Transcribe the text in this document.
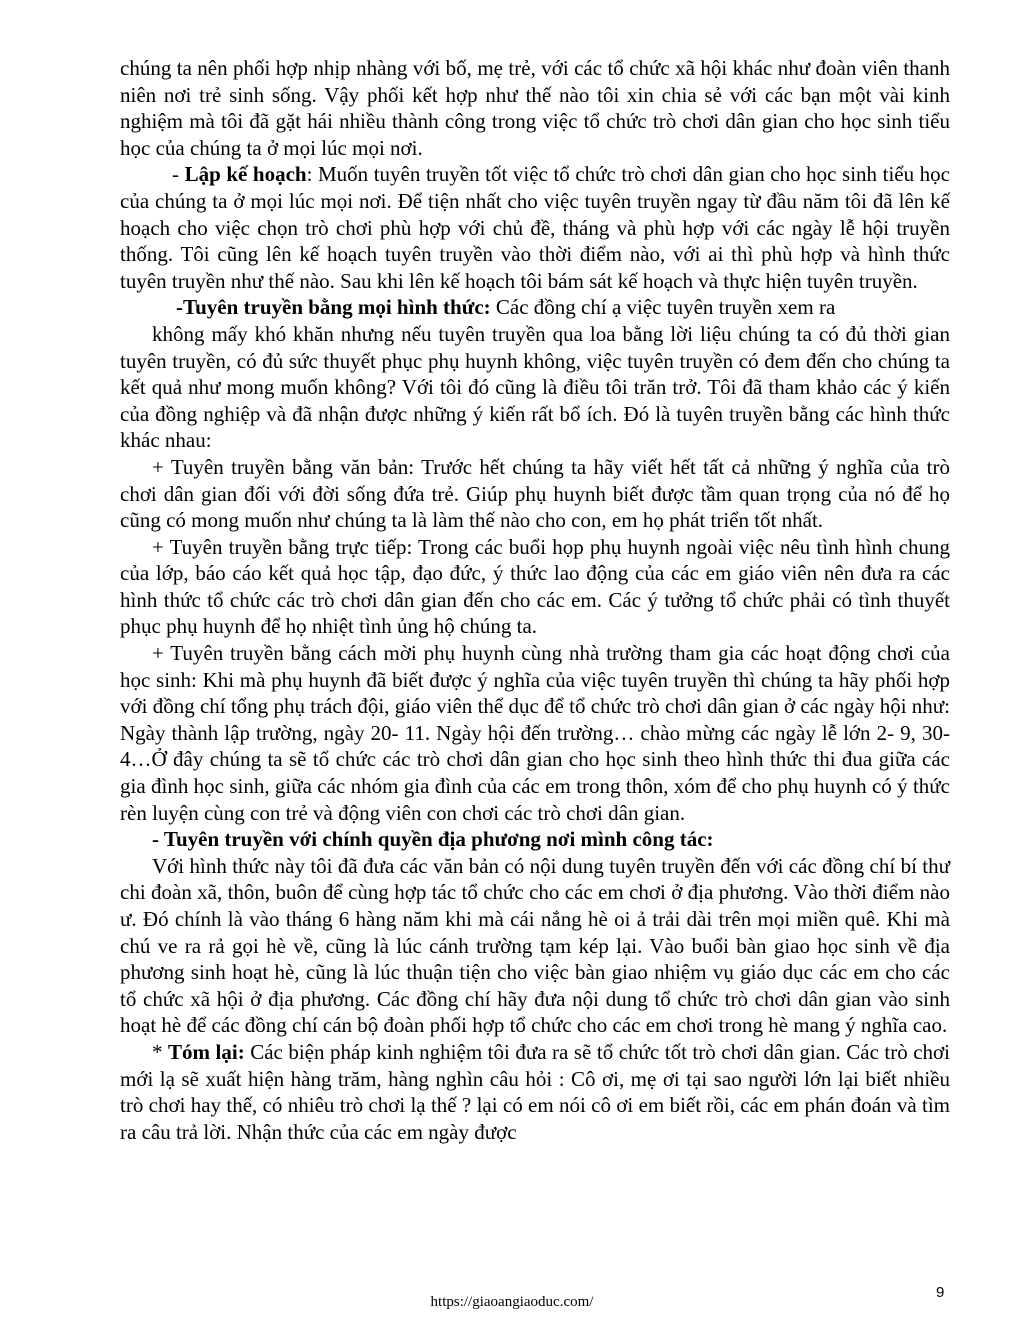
chúng ta nên phối hợp nhịp nhàng với bố, mẹ trẻ, với các tổ chức xã hội khác như đoàn viên thanh niên nơi trẻ sinh sống. Vậy phối kết hợp như thế nào tôi xin chia sẻ với các bạn một vài kinh nghiệm mà tôi đã gặt hái nhiều thành công trong việc tổ chức trò chơi dân gian cho học sinh tiểu học của chúng ta ở mọi lúc mọi nơi.

- Lập kế hoạch: Muốn tuyên truyền tốt việc tổ chức trò chơi dân gian cho học sinh tiểu học của chúng ta ở mọi lúc mọi nơi. Để tiện nhất cho việc tuyên truyền ngay từ đầu năm tôi đã lên kế hoạch cho việc chọn trò chơi phù hợp với chủ đề, tháng và phù hợp với các ngày lễ hội truyền thống. Tôi cũng lên kế hoạch tuyên truyền vào thời điểm nào, với ai thì phù hợp và hình thức tuyên truyền như thế nào. Sau khi lên kế hoạch tôi bám sát kế hoạch và thực hiện tuyên truyền.

-Tuyên truyền bằng mọi hình thức: Các đồng chí ạ việc tuyên truyền xem ra

không mấy khó khăn nhưng nếu tuyên truyền qua loa bằng lời liệu chúng ta có đủ thời gian tuyên truyền, có đủ sức thuyết phục phụ huynh không, việc tuyên truyền có đem đến cho chúng ta kết quả như mong muốn không? Với tôi đó cũng là điều tôi trăn trở. Tôi đã tham khảo các ý kiến của đồng nghiệp và đã nhận được những ý kiến rất bổ ích. Đó là tuyên truyền bằng các hình thức khác nhau:

+ Tuyên truyền bằng văn bản: Trước hết chúng ta hãy viết hết tất cả những ý nghĩa của trò chơi dân gian đối với đời sống đứa trẻ. Giúp phụ huynh biết được tầm quan trọng của nó để họ cũng có mong muốn như chúng ta là làm thế nào cho con, em họ phát triển tốt nhất.

+ Tuyên truyền bằng trực tiếp: Trong các buổi họp phụ huynh ngoài việc nêu tình hình chung của lớp, báo cáo kết quả học tập, đạo đức, ý thức lao động của các em giáo viên nên đưa ra các hình thức tổ chức các trò chơi dân gian đến cho các em. Các ý tưởng tổ chức phải có tình thuyết phục phụ huynh để họ nhiệt tình ủng hộ chúng ta.

+ Tuyên truyền bằng cách mời phụ huynh cùng nhà trường tham gia các hoạt động chơi của học sinh: Khi mà phụ huynh đã biết được ý nghĩa của việc tuyên truyền thì chúng ta hãy phối hợp với đồng chí tổng phụ trách đội, giáo viên thể dục để tổ chức trò chơi dân gian ở các ngày hội như: Ngày thành lập trường, ngày 20- 11. Ngày hội đến trường… chào mừng các ngày lễ lớn 2- 9, 30- 4…Ở đây chúng ta sẽ tổ chức các trò chơi dân gian cho học sinh theo hình thức thi đua giữa các gia đình học sinh, giữa các nhóm gia đình của các em trong thôn, xóm để cho phụ huynh có ý thức rèn luyện cùng con trẻ và động viên con chơi các trò chơi dân gian.

- Tuyên truyền với chính quyền địa phương nơi mình công tác:

Với hình thức này tôi đã đưa các văn bản có nội dung tuyên truyền đến với các đồng chí bí thư chi đoàn xã, thôn, buôn để cùng hợp tác tổ chức cho các em chơi ở địa phương. Vào thời điểm nào ư. Đó chính là vào tháng 6 hàng năm khi mà cái nắng hè oi ả trải dài trên mọi miền quê. Khi mà chú ve ra rả gọi hè về, cũng là lúc cánh trường tạm kép lại. Vào buổi bàn giao học sinh về địa phương sinh hoạt hè, cũng là lúc thuận tiện cho việc bàn giao nhiệm vụ giáo dục các em cho các tổ chức xã hội ở địa phương. Các đồng chí hãy đưa nội dung tổ chức trò chơi dân gian vào sinh hoạt hè để các đồng chí cán bộ đoàn phối hợp tổ chức cho các em chơi trong hè mang ý nghĩa cao.

* Tóm lại: Các biện pháp kinh nghiệm tôi đưa ra sẽ tổ chức tốt trò chơi dân gian. Các trò chơi mới lạ sẽ xuất hiện hàng trăm, hàng nghìn câu hỏi : Cô ơi, mẹ ơi tại sao người lớn lại biết nhiều trò chơi hay thế, có nhiêu trò chơi lạ thế ? lại có em nói cô ơi em biết rồi, các em phán đoán và tìm ra câu trả lời. Nhận thức của các em ngày được

https://giaoangiaoduc.com/
9
